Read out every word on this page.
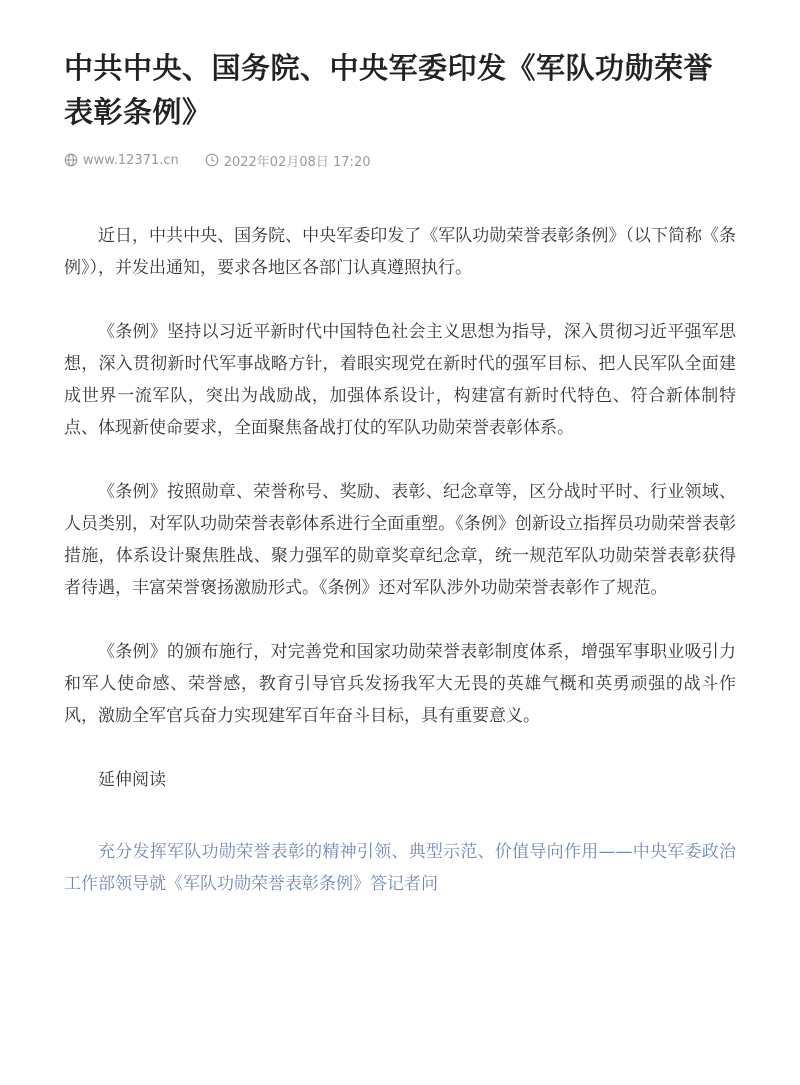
中共中央、国务院、中央军委印发《军队功勋荣誉表彰条例》
www.12371.cn	2022年02月08日 17:20

近日，中共中央、国务院、中央军委印发了《军队功勋荣誉表彰条例》（以下简称《条例》），并发出通知，要求各地区各部门认真遵照执行。

《条例》坚持以习近平新时代中国特色社会主义思想为指导，深入贯彻习近平强军思想，深入贯彻新时代军事战略方针，着眼实现党在新时代的强军目标、把人民军队全面建成世界一流军队，突出为战励战，加强体系设计，构建富有新时代特色、符合新体制特点、体现新使命要求，全面聚焦备战打仗的军队功勋荣誉表彰体系。

《条例》按照勋章、荣誉称号、奖励、表彰、纪念章等，区分战时平时、行业领域、人员类别，对军队功勋荣誉表彰体系进行全面重塑。《条例》创新设立指挥员功勋荣誉表彰措施，体系设计聚焦胜战、聚力强军的勋章奖章纪念章，统一规范军队功勋荣誉表彰获得者待遇，丰富荣誉褒扬激励形式。《条例》还对军队涉外功勋荣誉表彰作了规范。

《条例》的颁布施行，对完善党和国家功勋荣誉表彰制度体系，增强军事职业吸引力和军人使命感、荣誉感，教育引导官兵发扬我军大无畏的英雄气概和英勇顽强的战斗作风，激励全军官兵奋力实现建军百年奋斗目标，具有重要意义。

延伸阅读

充分发挥军队功勋荣誉表彰的精神引领、典型示范、价值导向作用——中央军委政治工作部领导就《军队功勋荣誉表彰条例》答记者问
